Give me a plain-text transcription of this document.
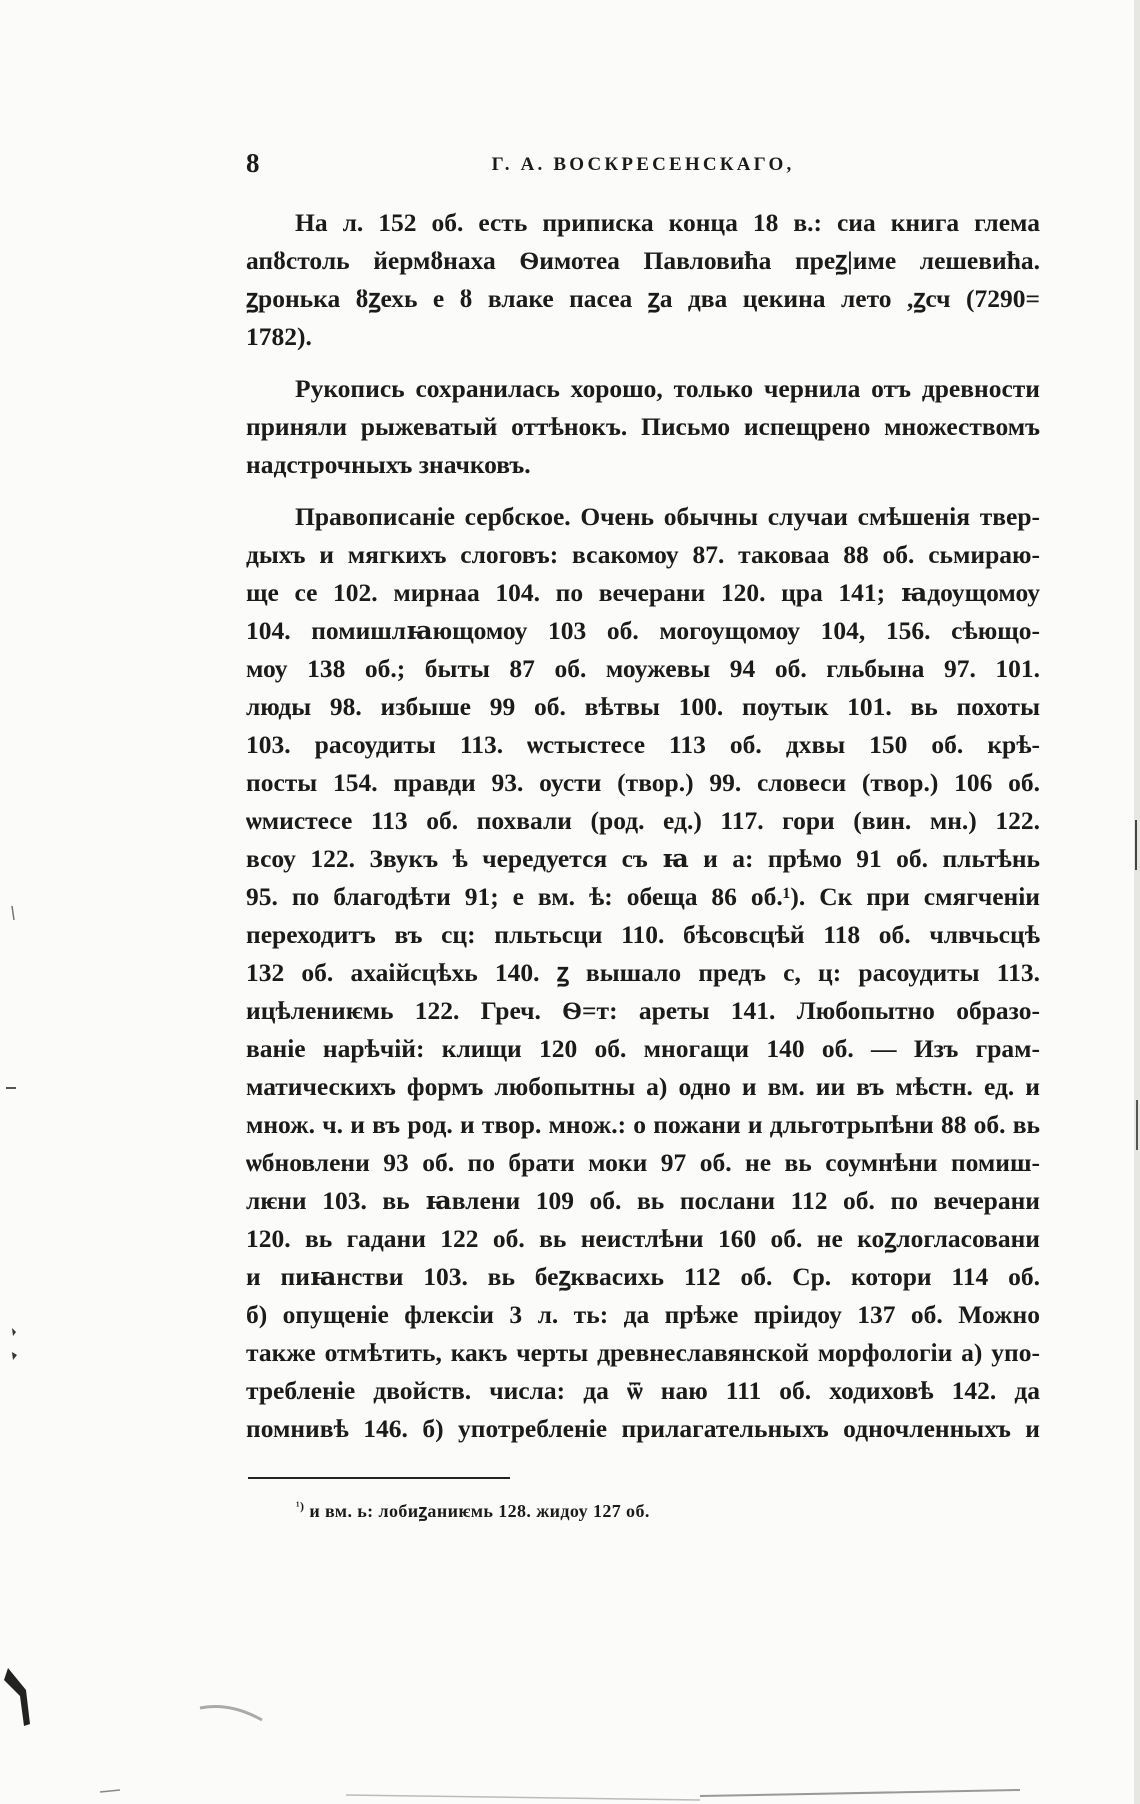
8	Г. А. ВОСКРЕСЕНСКАГО,

На л. 152 об. есть приписка конца 18 в.: сиа книга глема
апȣстоль йермȣнаха Ѳимотеа Павловића преꙁ|име лешевића.
ꙁронька ȣꙁехь е ȣ влаке пасеа ꙁа два цекина лето ,ꙁсч (7290=
1782).

Рукопись сохранилась хорошо, только чернила отъ древности
приняли рыжеватый оттѣнокъ. Письмо испещрено множествомъ
надстрочныхъ значковъ.

Правописаніе сербское. Очень обычны случаи смѣшенія твер-
дыхъ и мягкихъ слоговъ: всакомоу 87. таковаа 88 об. сьмираю-
ще се 102. мирнаа 104. по вечерани 120. цра 141; ꙗдоущомоу
104. помишлꙗющомоу 103 об. могоущомоу 104, 156. сѣющо-
моу 138 об.; быты 87 об. моужевы 94 об. гльбына 97. 101.
люды 98. избыше 99 об. вѣтвы 100. поутык 101. вь похоты
103. расоудиты 113. ѡстыстесе 113 об. дхвы 150 об. крѣ-
посты 154. правди 93. оусти (твор.) 99. словеси (твор.) 106 об.
ѡмистесе 113 об. похвали (род. ед.) 117. гори (вин. мн.) 122.
всоу 122. Звукъ ѣ чередуется съ ꙗ и а: прѣмо 91 об. пльтѣнь
95. по благодѣти 91; е вм. ѣ: обеща 86 об.¹). Ск при смягченіи
переходитъ въ сц: пльтьсци 110. бѣсовсцѣй 118 об. члвчьсцѣ
132 об. ахаійсцѣхь 140. ꙁ вышало предъ с, ц: расоудиты 113.
ицѣлениѥмь 122. Греч. Ѳ=т: ареты 141. Любопытно образо-
ваніе нарѣчій: клищи 120 об. многащи 140 об. — Изъ грам-
матическихъ формъ любопытны а) одно и вм. ии въ мѣстн. ед. и
множ. ч. и въ род. и твор. множ.: о пожани и дльготрьпѣни 88 об. вь
ѡбновлени 93 об. по брати моки 97 об. не вь соумнѣни помиш-
лѥни 103. вь ꙗвлени 109 об. вь послани 112 об. по вечерани
120. вь гадани 122 об. вь неистлѣни 160 об. не коꙁлогласовани
и пиꙗнстви 103. вь беꙁквасихь 112 об. Ср. котори 114 об.
б) опущеніе флексіи 3 л. ть: да прѣже пріидоу 137 об. Можно
также отмѣтить, какъ черты древнеславянской морфологіи а) упо-
требленіе двойств. числа: да ѿ наю 111 об. ходиховѣ 142. да
помнивѣ 146. б) употребленіе прилагательныхъ одночленныхъ и

$^{^1)}$ и вм. ь: лобиꙁаниѥмь 128. жидоу 127 об.
